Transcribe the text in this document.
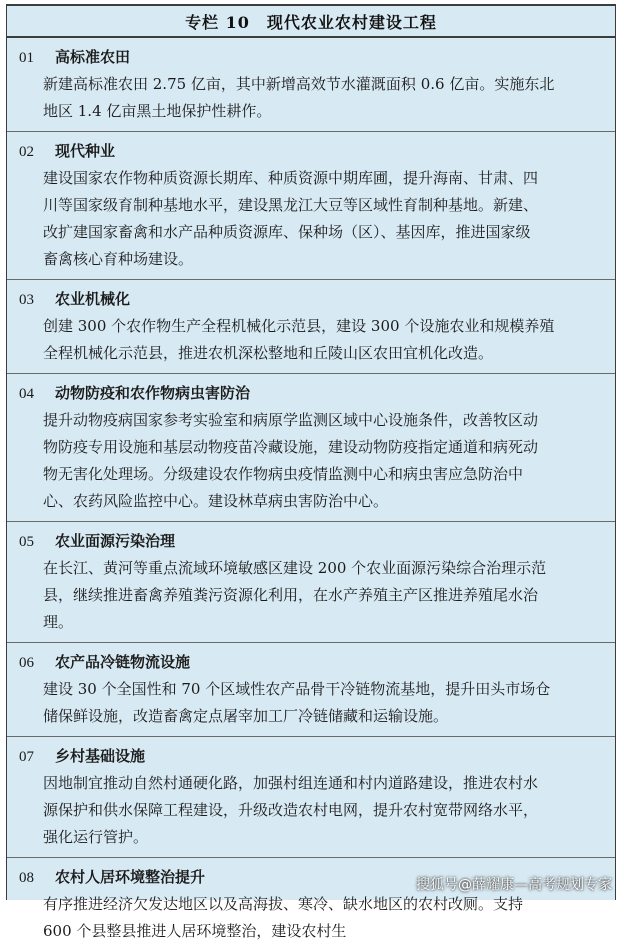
专栏 10　现代农业农村建设工程
01	高标准农田

新建高标准农田 2.75 亿亩，其中新增高效节水灌溉面积 0.6 亿亩。实施东北

地区 1.4 亿亩黑土地保护性耕作。

02	现代种业

建设国家农作物种质资源长期库、种质资源中期库圃，提升海南、甘肃、四

川等国家级育制种基地水平，建设黑龙江大豆等区域性育制种基地。新建、

改扩建国家畜禽和水产品种质资源库、保种场（区）、基因库，推进国家级

畜禽核心育种场建设。

03	农业机械化

创建 300 个农作物生产全程机械化示范县，建设 300 个设施农业和规模养殖

全程机械化示范县，推进农机深松整地和丘陵山区农田宜机化改造。

04	动物防疫和农作物病虫害防治

提升动物疫病国家参考实验室和病原学监测区域中心设施条件，改善牧区动

物防疫专用设施和基层动物疫苗冷藏设施，建设动物防疫指定通道和病死动

物无害化处理场。分级建设农作物病虫疫情监测中心和病虫害应急防治中

心、农药风险监控中心。建设林草病虫害防治中心。

05	农业面源污染治理

在长江、黄河等重点流域环境敏感区建设 200 个农业面源污染综合治理示范

县，继续推进畜禽养殖粪污资源化利用，在水产养殖主产区推进养殖尾水治

理。

06	农产品冷链物流设施

建设 30 个全国性和 70 个区域性农产品骨干冷链物流基地，提升田头市场仓

储保鲜设施，改造畜禽定点屠宰加工厂冷链储藏和运输设施。

07	乡村基础设施

因地制宜推动自然村通硬化路，加强村组连通和村内道路建设，推进农村水

源保护和供水保障工程建设，升级改造农村电网，提升农村宽带网络水平，

强化运行管护。

08	农村人居环境整治提升

有序推进经济欠发达地区以及高海拔、寒冷、缺水地区的农村改厕。支持

600 个县整县推进人居环境整治，建设农村生

搜狐号@薛耀康—高考规划专家
